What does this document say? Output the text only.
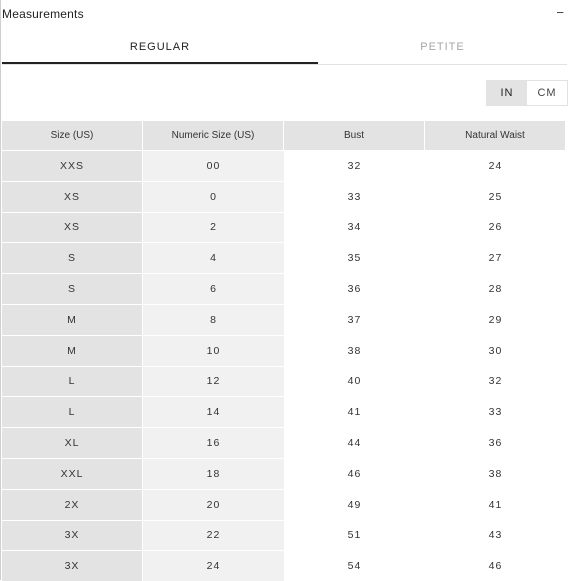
Measurements	−
REGULAR	PETITE
IN	CM
Size (US)	Numeric Size (US)	Bust	Natural Waist
XXS	00	32	24
XS	0	33	25
XS	2	34	26
S	4	35	27
S	6	36	28
M	8	37	29
M	10	38	30
L	12	40	32
L	14	41	33
XL	16	44	36
XXL	18	46	38
2X	20	49	41
3X	22	51	43
3X	24	54	46
